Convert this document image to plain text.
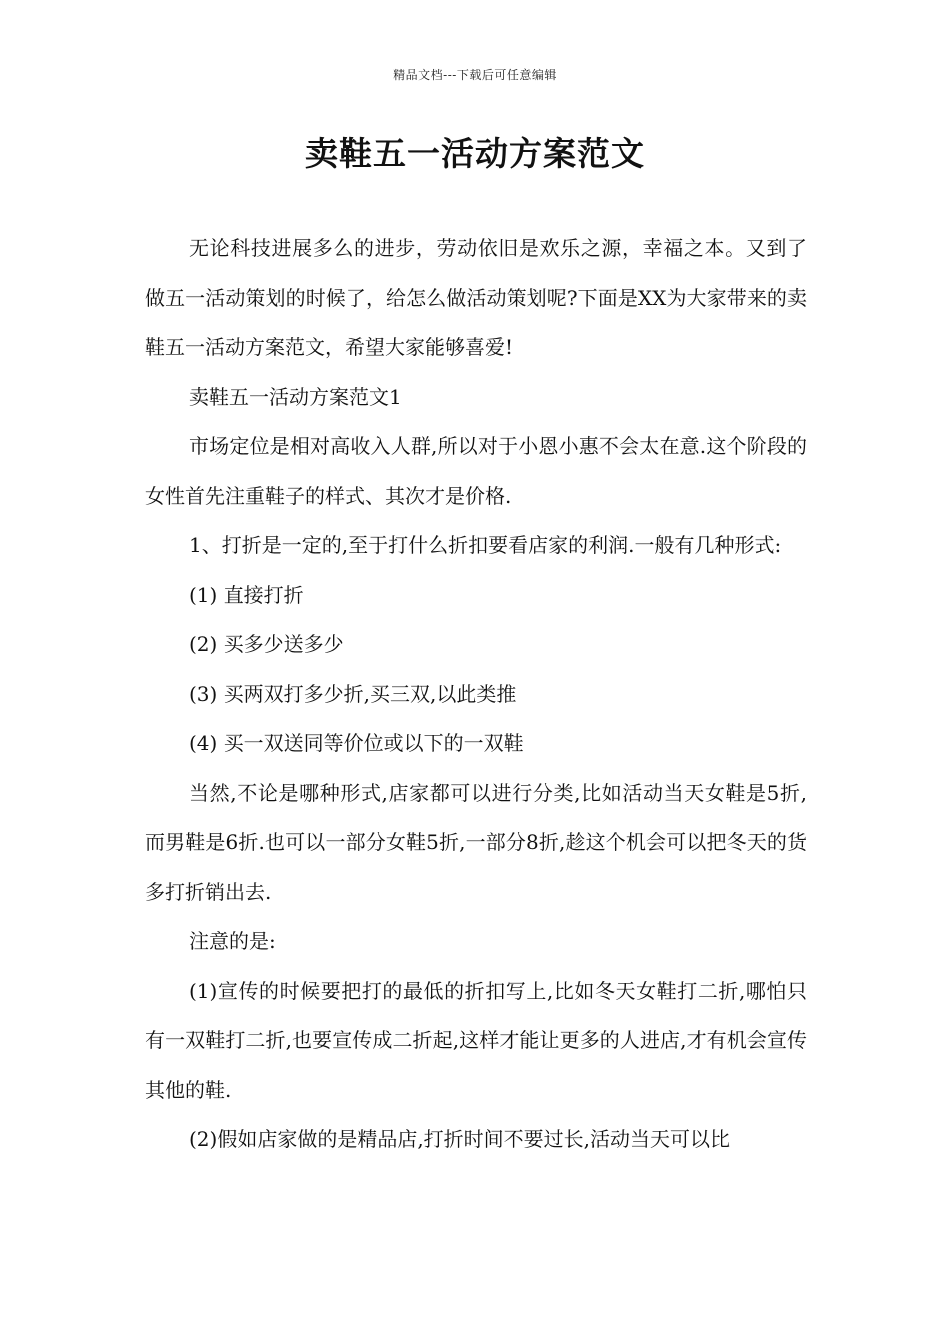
精品文档---下载后可任意编辑
卖鞋五一活动方案范文

无论科技进展多么的进步，劳动依旧是欢乐之源，幸福之本。又到了做五一活动策划的时候了，给怎么做活动策划呢?下面是XX为大家带来的卖鞋五一活动方案范文，希望大家能够喜爱!

卖鞋五一活动方案范文1

市场定位是相对高收入人群,所以对于小恩小惠不会太在意.这个阶段的女性首先注重鞋子的样式、其次才是价格.

1、打折是一定的,至于打什么折扣要看店家的利润.一般有几种形式:

(1) 直接打折

(2) 买多少送多少

(3) 买两双打多少折,买三双,以此类推

(4) 买一双送同等价位或以下的一双鞋

当然,不论是哪种形式,店家都可以进行分类,比如活动当天女鞋是5折,而男鞋是6折.也可以一部分女鞋5折,一部分8折,趁这个机会可以把冬天的货多打折销出去.

注意的是:

(1)宣传的时候要把打的最低的折扣写上,比如冬天女鞋打二折,哪怕只有一双鞋打二折,也要宣传成二折起,这样才能让更多的人进店,才有机会宣传其他的鞋.

(2)假如店家做的是精品店,打折时间不要过长,活动当天可以比
